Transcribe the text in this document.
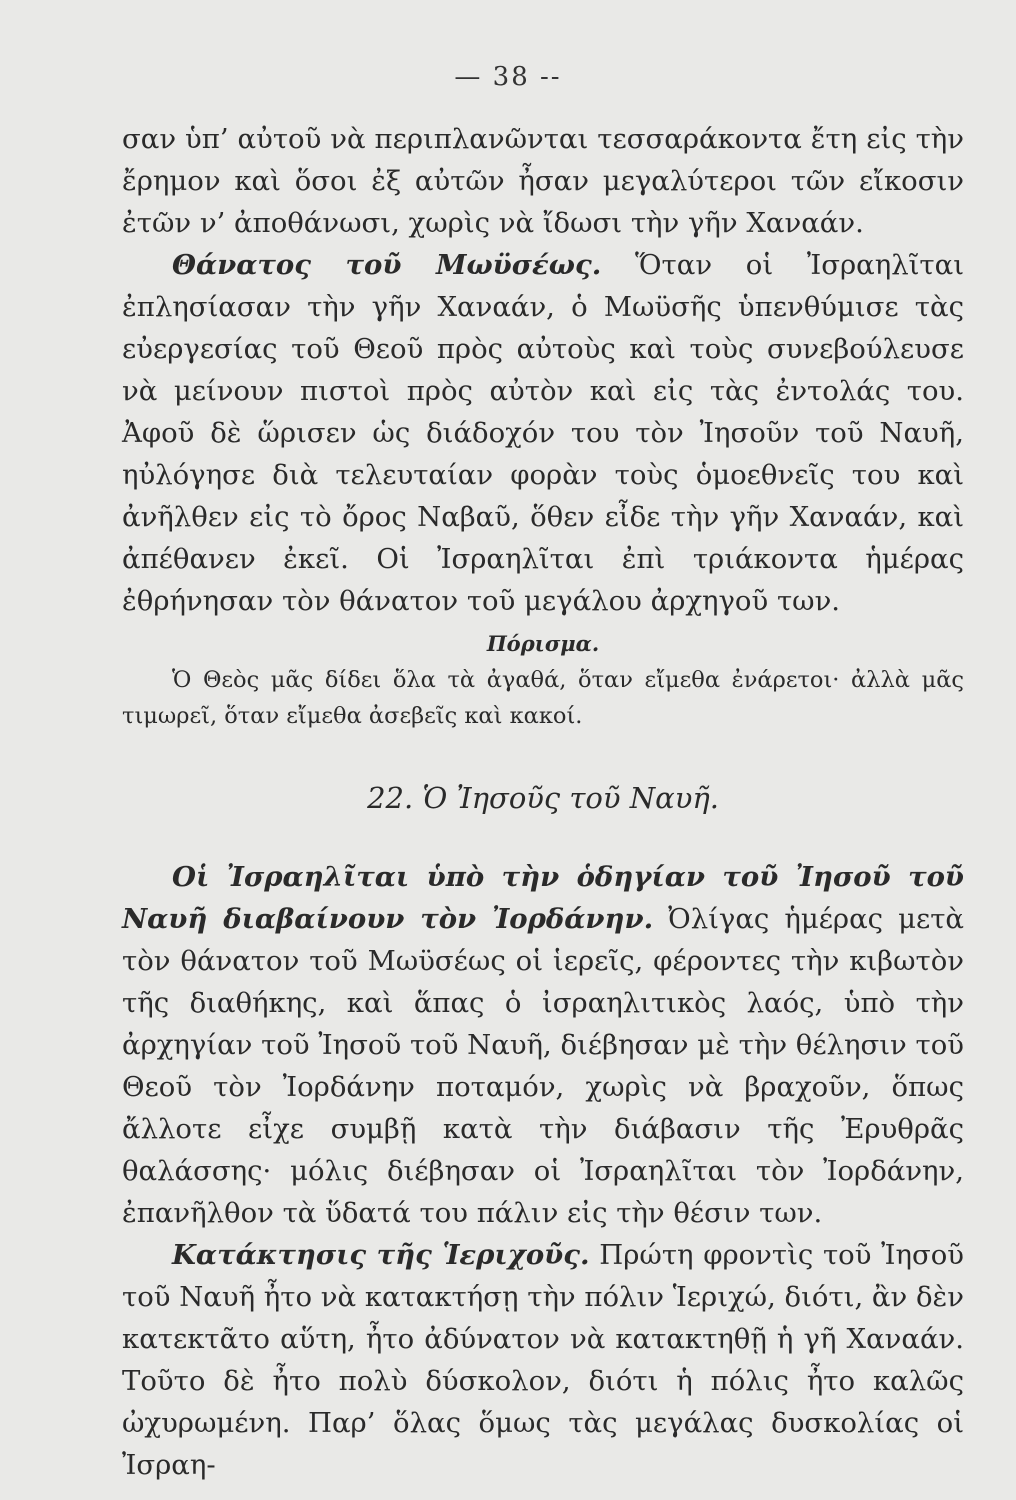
— 38 --

σαν ὑπ’ αὐτοῦ νὰ περιπλανῶνται τεσσαράκοντα ἔτη εἰς τὴν ἔρημον καὶ ὅσοι ἐξ αὐτῶν ἦσαν μεγαλύτεροι τῶν εἴκοσιν ἐτῶν ν’ ἀποθάνωσι, χωρὶς νὰ ἴδωσι τὴν γῆν Χαναάν.

Θάνατος τοῦ Μωϋσέως. Ὅταν οἱ Ἰσραηλῖται ἐπλησίασαν τὴν γῆν Χαναάν, ὁ Μωϋσῆς ὑπενθύμισε τὰς εὐεργεσίας τοῦ Θεοῦ πρὸς αὐτοὺς καὶ τοὺς συνεβούλευσε νὰ μείνουν πιστοὶ πρὸς αὐτὸν καὶ εἰς τὰς ἐντολάς του. Ἀφοῦ δὲ ὥρισεν ὡς διάδοχόν του τὸν Ἰησοῦν τοῦ Ναυῆ, ηὐλόγησε διὰ τελευταίαν φορὰν τοὺς ὁμοεθνεῖς του καὶ ἀνῆλθεν εἰς τὸ ὄρος Ναβαῦ, ὅθεν εἶδε τὴν γῆν Χαναάν, καὶ ἀπέθανεν ἐκεῖ. Οἱ Ἰσραηλῖται ἐπὶ τριάκοντα ἡμέρας ἐθρήνησαν τὸν θάνατον τοῦ μεγάλου ἀρχηγοῦ των.

Πόρισμα.

Ὁ Θεὸς μᾶς δίδει ὅλα τὰ ἀγαθά, ὅταν εἴμεθα ἐνάρετοι· ἀλλὰ μᾶς τιμωρεῖ, ὅταν εἴμεθα ἀσεβεῖς καὶ κακοί.

22. Ὁ Ἰησοῦς τοῦ Ναυῆ.

Οἱ Ἰσραηλῖται ὑπὸ τὴν ὁδηγίαν τοῦ Ἰησοῦ τοῦ Ναυῆ διαβαίνουν τὸν Ἰορδάνην. Ὀλίγας ἡμέρας μετὰ τὸν θάνατον τοῦ Μωϋσέως οἱ ἱερεῖς, φέροντες τὴν κιβωτὸν τῆς διαθήκης, καὶ ἅπας ὁ ἰσραηλιτικὸς λαός, ὑπὸ τὴν ἀρχηγίαν τοῦ Ἰησοῦ τοῦ Ναυῆ, διέβησαν μὲ τὴν θέλησιν τοῦ Θεοῦ τὸν Ἰορδάνην ποταμόν, χωρὶς νὰ βραχοῦν, ὅπως ἄλλοτε εἶχε συμβῇ κατὰ τὴν διάβασιν τῆς Ἐρυθρᾶς θαλάσσης· μόλις διέβησαν οἱ Ἰσραηλῖται τὸν Ἰορδάνην, ἐπανῆλθον τὰ ὕδατά του πάλιν εἰς τὴν θέσιν των.

Κατάκτησις τῆς Ἱεριχοῦς. Πρώτη φροντὶς τοῦ Ἰησοῦ τοῦ Ναυῆ ἦτο νὰ κατακτήσῃ τὴν πόλιν Ἱεριχώ, διότι, ἂν δὲν κατεκτᾶτο αὕτη, ἦτο ἀδύνατον νὰ κατακτηθῇ ἡ γῆ Χαναάν. Τοῦτο δὲ ἦτο πολὺ δύσκολον, διότι ἡ πόλις ἦτο καλῶς ὠχυρωμένη. Παρ’ ὅλας ὅμως τὰς μεγάλας δυσκολίας οἱ Ἰσραη-
